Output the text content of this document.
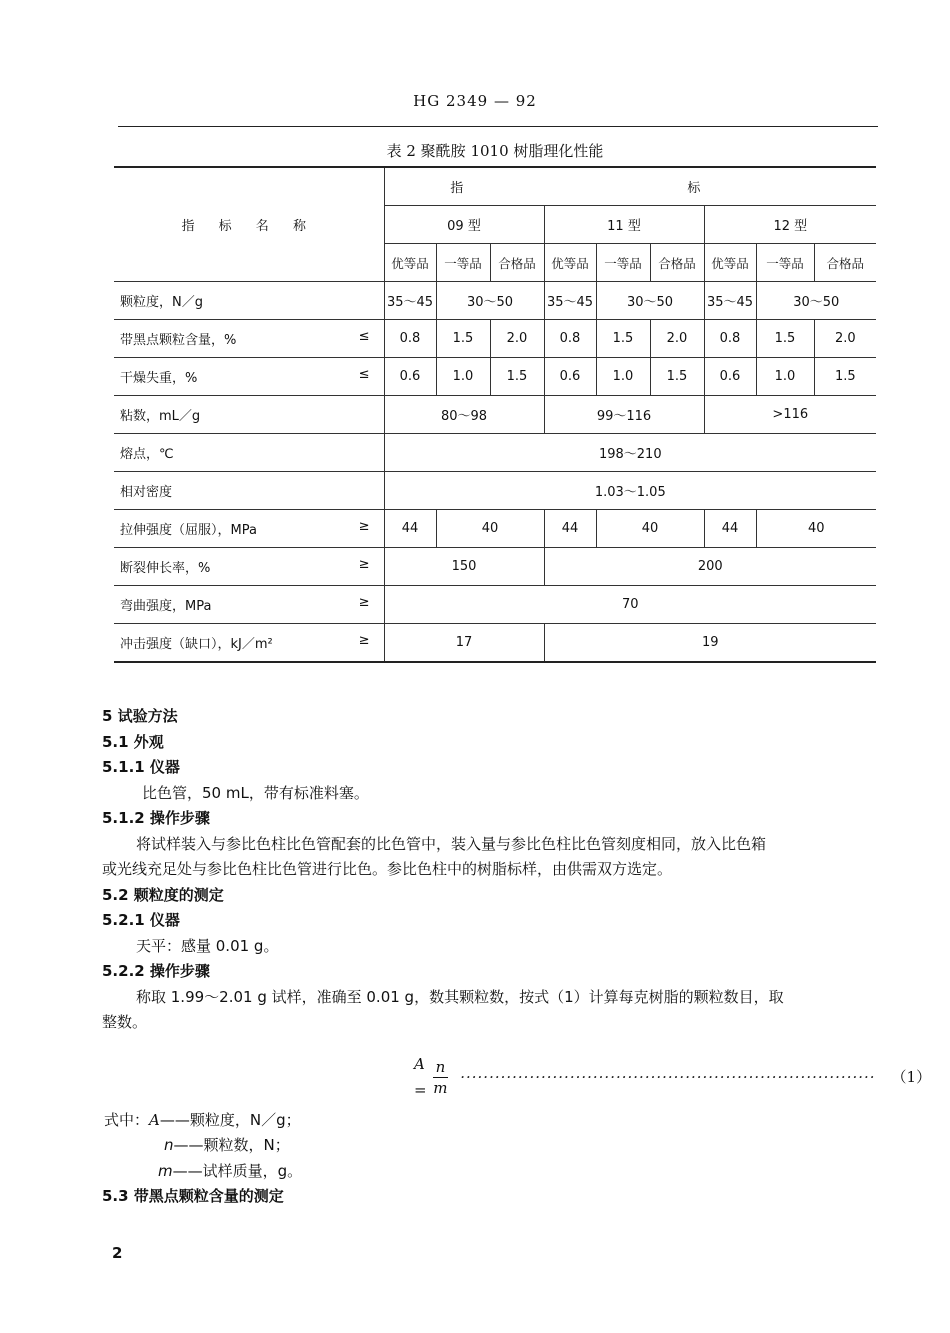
HG 2349 — 92
表 2 聚酰胺 1010 树脂理化性能
指 标 名 称	指 标								
	09 型			11 型			12 型		
	优等品	一等品	合格品	优等品	一等品	合格品	优等品	一等品	合格品
颗粒度，N／g	35～45	30～50		35～45	30～50		35～45	30～50	

带黑点颗粒含量，% ≤	0.8	1.5	2.0	0.8	1.5	2.0	0.8	1.5	2.0

干燥失重，% ≤	0.6	1.0	1.5	0.6	1.0	1.5	0.6	1.0	1.5
粘数，mL／g	80～98			99～116			>116		
熔点，℃	198～210								
相对密度	1.03～1.05								

拉伸强度（屈服），MPa ≥	44	40		44	40		44	40	

断裂伸长率，% ≥	150			200					

弯曲强度，MPa ≥	70								

冲击强度（缺口），kJ／m² ≥	17			19					

5 试验方法

5.1 外观

5.1.1 仪器

比色管，50 mL，带有标准料塞。

5.1.2 操作步骤

将试样装入与参比色柱比色管配套的比色管中，装入量与参比色柱比色管刻度相同，放入比色箱

或光线充足处与参比色柱比色管进行比色。参比色柱中的树脂标样，由供需双方选定。

5.2 颗粒度的测定

5.2.1 仪器

天平：感量 0.01 g。

5.2.2 操作步骤

称取 1.99～2.01 g 试样，准确至 0.01 g，数其颗粒数，按式（1）计算每克树脂的颗粒数目，取

整数。

$A = \frac{n}{m}$ ········································································ （1）

式中：A——颗粒度，N／g；

n——颗粒数，N；

m——试样质量，g。

5.3 带黑点颗粒含量的测定

2
